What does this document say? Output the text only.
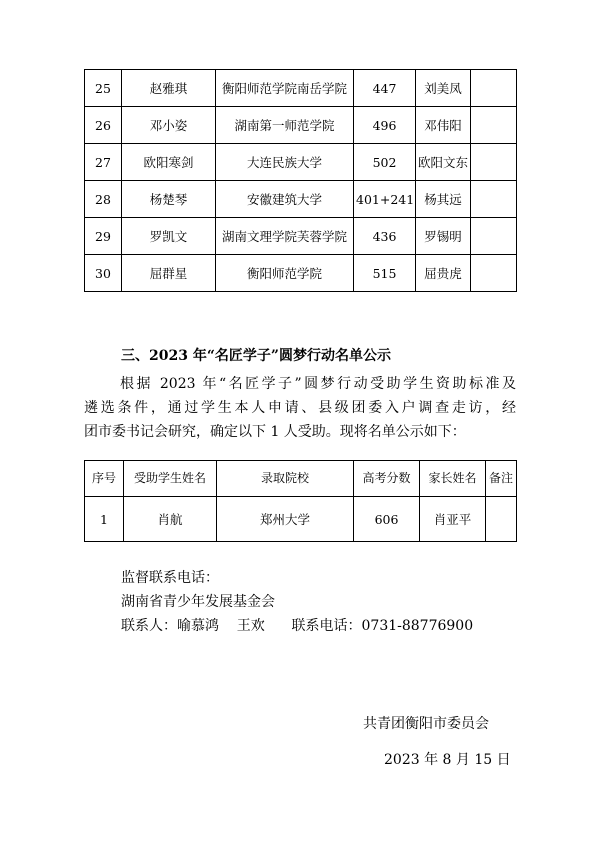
25	赵雅琪	衡阳师范学院南岳学院	447	刘美凤	
26	邓小姿	湖南第一师范学院	496	邓伟阳	
27	欧阳寒剑	大连民族大学	502	欧阳文东	
28	杨楚琴	安徽建筑大学	401+241	杨其远	
29	罗凯文	湖南文理学院芙蓉学院	436	罗锡明	
30	屈群星	衡阳师范学院	515	屈贵虎	
三、2023 年“名匠学子”圆梦行动名单公示
根据 2023 年“名匠学子”圆梦行动受助学生资助标准及
遴选条件，通过学生本人申请、县级团委入户调查走访，经
团市委书记会研究，确定以下 1 人受助。现将名单公示如下：
序号	受助学生姓名	录取院校	高考分数	家长姓名	备注
1	肖航	郑州大学	606	肖亚平	
监督联系电话：
湖南省青少年发展基金会
联系人：喻慕鸿    王欢      联系电话：0731-88776900
共青团衡阳市委员会
2023 年 8 月 15 日
